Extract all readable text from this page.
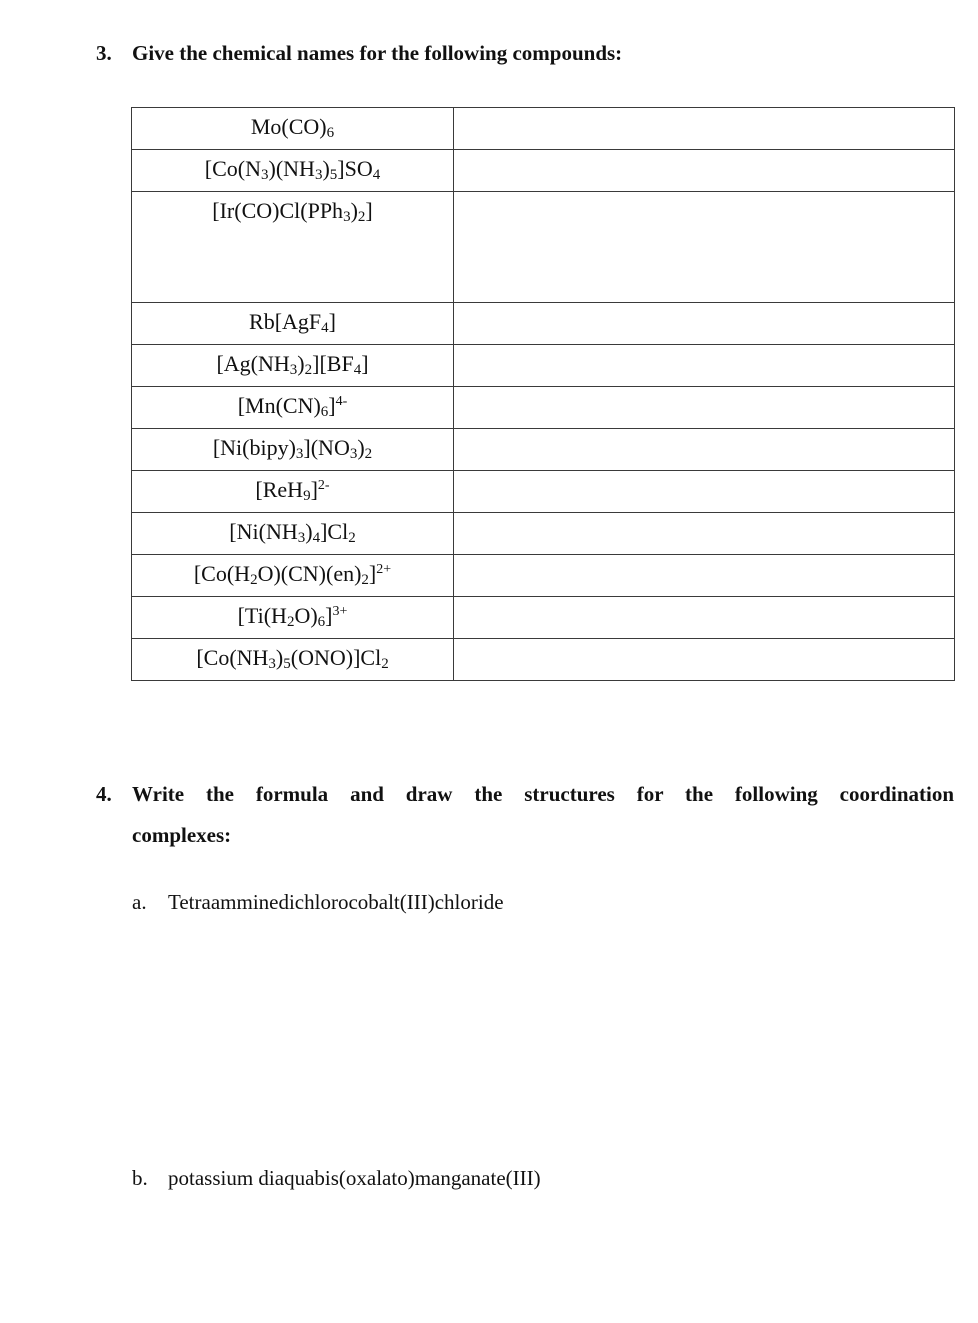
3. Give the chemical names for the following compounds:
$Mo(CO)_6$	
$[Co(N_3)(NH_3)_5]SO_4$	
$[Ir(CO)Cl(PPh_3)_2]$	
Rb[AgF$_4$]	
$[Ag(NH_3)_2][BF_4]$	
$[Mn(CN)_6]^{4-}$	
$[Ni(bipy)_3](NO_3)_2$	
$[ReH_9]^{2-}$	
$[Ni(NH_3)_4]Cl_2$	
$[Co(H_2O)(CN)(en)_2]^{2+}$	
$[Ti(H_2O)_6]^{3+}$	
$[Co(NH_3)_5(ONO)]Cl_2$	
4. Write the formula and draw the structures for the following coordination
complexes:
a. Tetraamminedichlorocobalt(III)chloride
b. potassium diaquabis(oxalato)manganate(III)
